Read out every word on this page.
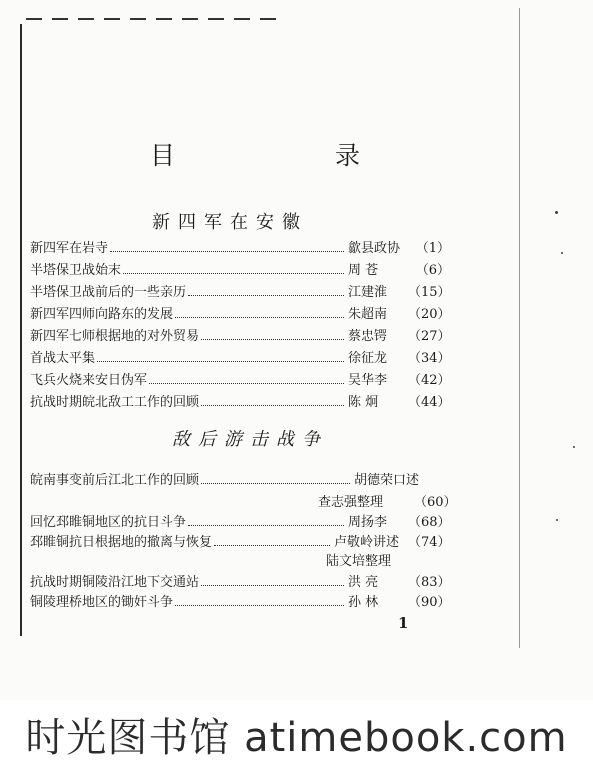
目	录
新四军在安徽
新四军在岩寺	歙县政协	（1）
半塔保卫战始末	周 苍	（6）
半塔保卫战前后的一些亲历	江建淮	（15）
新四军四师向路东的发展	朱超南	（20）
新四军七师根据地的对外贸易	蔡忠锷	（27）
首战太平集	徐征龙	（34）
飞兵火烧来安日伪军	吴华李	（42）
抗战时期皖北敌工工作的回顾	陈 炯	（44）
敌后游击战争
皖南事变前后江北工作的回顾	胡德荣口述
查志强整理	（60）
回忆邳睢铜地区的抗日斗争	周扬李	（68）
邳睢铜抗日根据地的撤离与恢复	卢敬岭讲述 （74）
陆文培整理
抗战时期铜陵沿江地下交通站	洪 亮	（83）
铜陵理桥地区的锄奸斗争	孙 林	（90）
1
时光图书馆 atimebook.com
